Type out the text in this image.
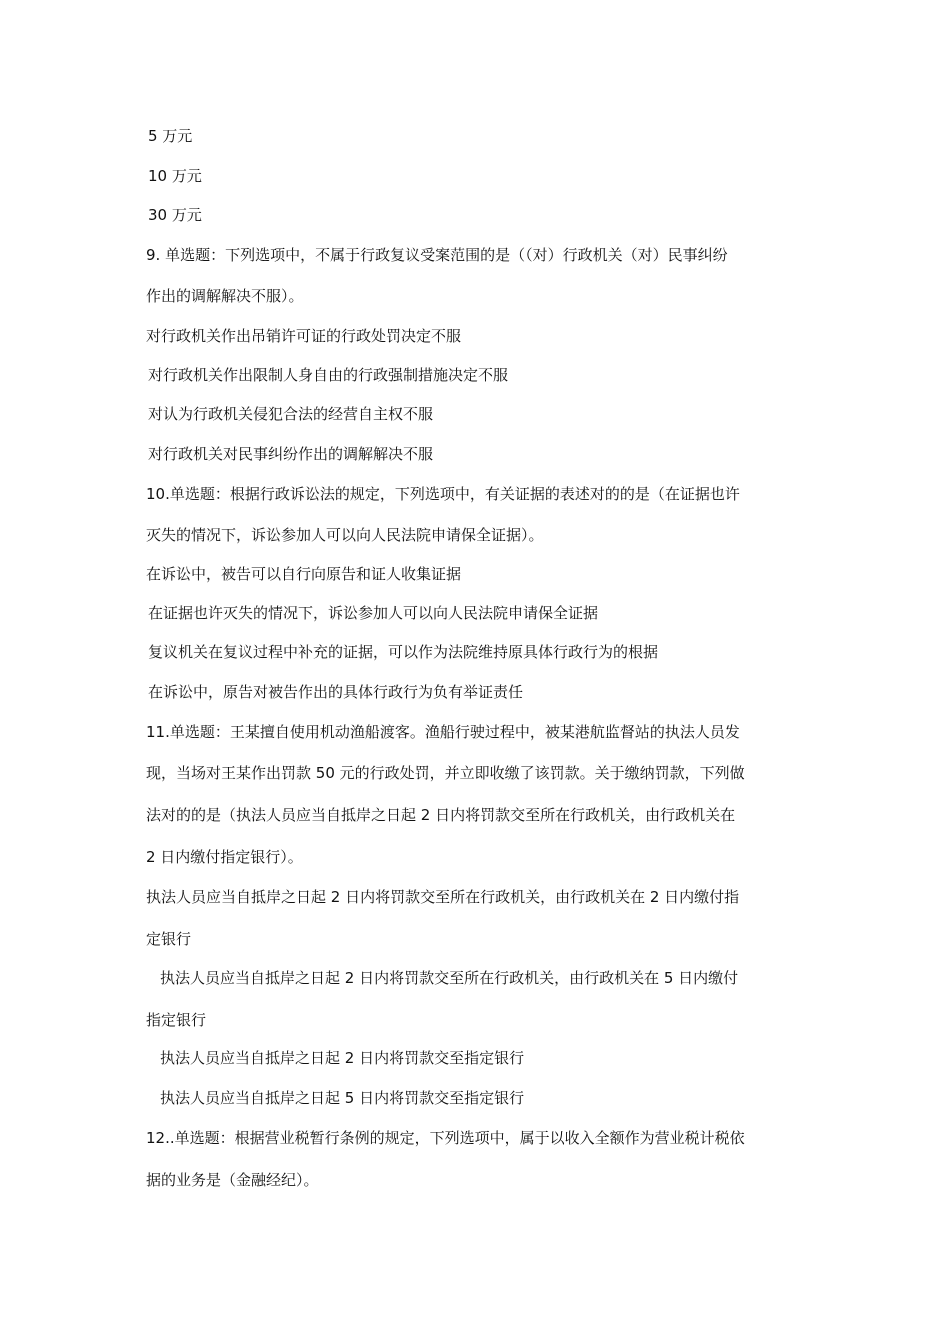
5 万元
10 万元
30 万元
9. 单选题：下列选项中，不属于行政复议受案范围的是（（对）行政机关（对）民事纠纷
作出的调解解决不服）。
对行政机关作出吊销许可证的行政处罚决定不服
对行政机关作出限制人身自由的行政强制措施决定不服
对认为行政机关侵犯合法的经营自主权不服
对行政机关对民事纠纷作出的调解解决不服
10.单选题：根据行政诉讼法的规定，下列选项中，有关证据的表述对的的是（在证据也许
灭失的情况下，诉讼参加人可以向人民法院申请保全证据）。
在诉讼中，被告可以自行向原告和证人收集证据
在证据也许灭失的情况下，诉讼参加人可以向人民法院申请保全证据
复议机关在复议过程中补充的证据，可以作为法院维持原具体行政行为的根据
在诉讼中，原告对被告作出的具体行政行为负有举证责任
11.单选题：王某擅自使用机动渔船渡客。渔船行驶过程中，被某港航监督站的执法人员发
现，当场对王某作出罚款 50 元的行政处罚，并立即收缴了该罚款。关于缴纳罚款，下列做
法对的的是（执法人员应当自抵岸之日起 2 日内将罚款交至所在行政机关，由行政机关在
2 日内缴付指定银行）。
执法人员应当自抵岸之日起 2 日内将罚款交至所在行政机关，由行政机关在 2 日内缴付指
定银行
执法人员应当自抵岸之日起 2 日内将罚款交至所在行政机关，由行政机关在 5 日内缴付
指定银行
执法人员应当自抵岸之日起 2 日内将罚款交至指定银行
执法人员应当自抵岸之日起 5 日内将罚款交至指定银行
12..单选题：根据营业税暂行条例的规定，下列选项中，属于以收入全额作为营业税计税依
据的业务是（金融经纪）。
